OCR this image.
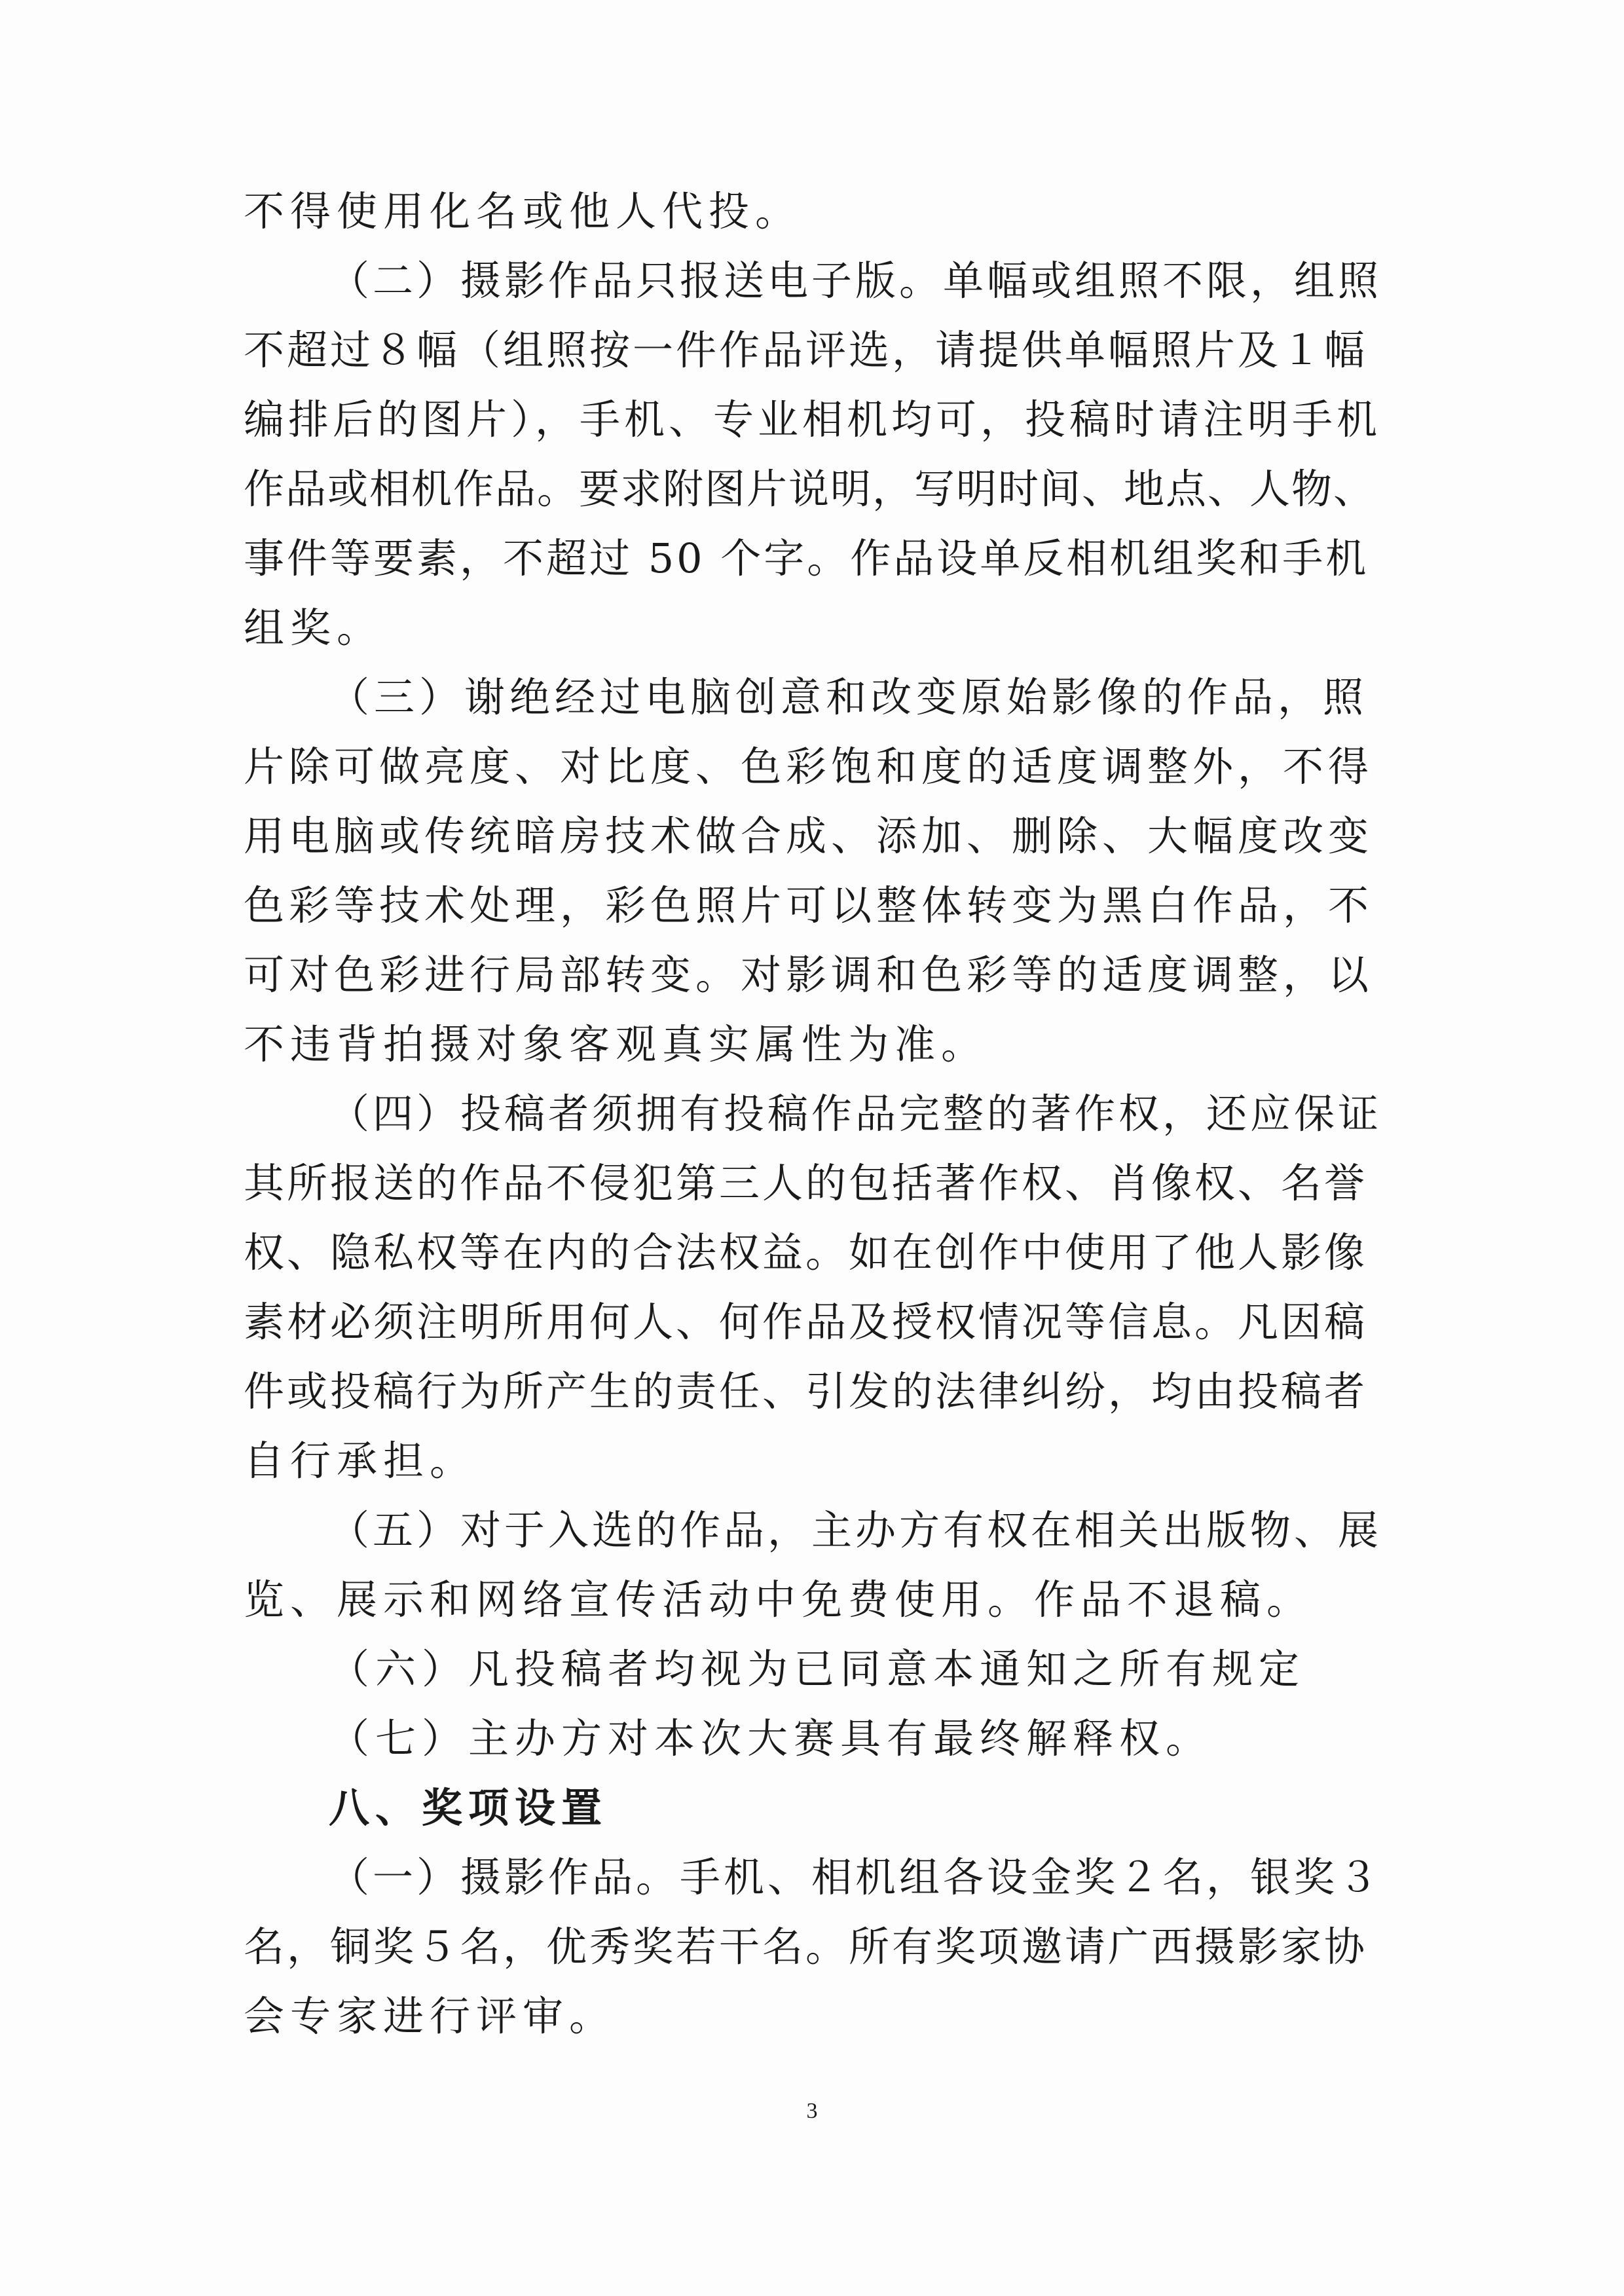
不得使用化名或他人代投。
（二）摄影作品只报送电子版。单幅或组照不限，组照
不超过８幅（组照按一件作品评选，请提供单幅照片及１幅
编排后的图片），手机、专业相机均可，投稿时请注明手机
作品或相机作品。要求附图片说明，写明时间、地点、人物、
事件等要素，不超过 50 个字。作品设单反相机组奖和手机
组奖。
（三）谢绝经过电脑创意和改变原始影像的作品，照
片除可做亮度、对比度、色彩饱和度的适度调整外，不得
用电脑或传统暗房技术做合成、添加、删除、大幅度改变
色彩等技术处理，彩色照片可以整体转变为黑白作品，不
可对色彩进行局部转变。对影调和色彩等的适度调整，以
不违背拍摄对象客观真实属性为准。
（四）投稿者须拥有投稿作品完整的著作权，还应保证
其所报送的作品不侵犯第三人的包括著作权、肖像权、名誉
权、隐私权等在内的合法权益。如在创作中使用了他人影像
素材必须注明所用何人、何作品及授权情况等信息。凡因稿
件或投稿行为所产生的责任、引发的法律纠纷，均由投稿者
自行承担。
（五）对于入选的作品，主办方有权在相关出版物、展
览、展示和网络宣传活动中免费使用。作品不退稿。
（六）凡投稿者均视为已同意本通知之所有规定
（七）主办方对本次大赛具有最终解释权。
八、奖项设置
（一）摄影作品。手机、相机组各设金奖２名，银奖３
名，铜奖５名，优秀奖若干名。所有奖项邀请广西摄影家协
会专家进行评审。
3
